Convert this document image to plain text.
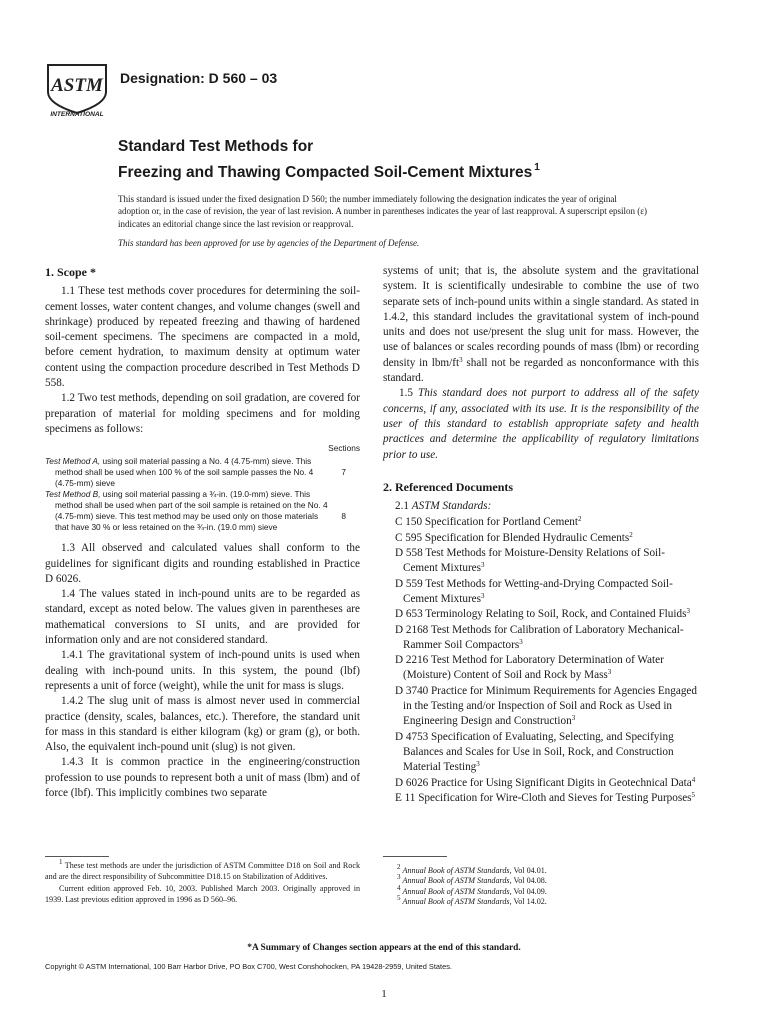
ASTM
INTERNATIONAL
Designation: D 560 – 03
Standard Test Methods for
Freezing and Thawing Compacted Soil-Cement Mixtures $^1$

This standard is issued under the fixed designation D 560; the number immediately following the designation indicates the year of original adoption or, in the case of revision, the year of last revision. A number in parentheses indicates the year of last reapproval. A superscript epsilon (ε) indicates an editorial change since the last revision or reapproval.

This standard has been approved for use by agencies of the Department of Defense.

1. Scope *

1.1 These test methods cover procedures for determining the soil-cement losses, water content changes, and volume changes (swell and shrinkage) produced by repeated freezing and thawing of hardened soil-cement specimens. The specimens are compacted in a mold, before cement hydration, to maximum density at optimum water content using the compaction procedure described in Test Methods D 558.

1.2 Two test methods, depending on soil gradation, are covered for preparation of material for molding specimens and for molding specimens as follows:

Sections

Test Method A, using soil material passing a No. 4 (4.75-mm) sieve. This method shall be used when 100 % of the soil sample passes the No. 4 (4.75-mm) sieve
7
Test Method B, using soil material passing a ¾-in. (19.0-mm) sieve. This method shall be used when part of the soil sample is retained on the No. 4 (4.75-mm) sieve. This test method may be used only on those materials that have 30 % or less retained on the ¾-in. (19.0 mm) sieve
8

1.3 All observed and calculated values shall conform to the guidelines for significant digits and rounding established in Practice D 6026.

1.4 The values stated in inch-pound units are to be regarded as standard, except as noted below. The values given in parentheses are mathematical conversions to SI units, and are provided for information only and are not considered standard.

1.4.1 The gravitational system of inch-pound units is used when dealing with inch-pound units. In this system, the pound (lbf) represents a unit of force (weight), while the unit for mass is slugs.

1.4.2 The slug unit of mass is almost never used in commercial practice (density, scales, balances, etc.). Therefore, the standard unit for mass in this standard is either kilogram (kg) or gram (g), or both. Also, the equivalent inch-pound unit (slug) is not given.

1.4.3 It is common practice in the engineering/construction profession to use pounds to represent both a unit of mass (lbm) and of force (lbf). This implicitly combines two separate

systems of unit; that is, the absolute system and the gravitational system. It is scientifically undesirable to combine the use of two separate sets of inch-pound units within a single standard. As stated in 1.4.2, this standard includes the gravitational system of inch-pound units and does not use/present the slug unit for mass. However, the use of balances or scales recording pounds of mass (lbm) or recording density in lbm/ft$^3$ shall not be regarded as nonconformance with this standard.

1.5 This standard does not purport to address all of the safety concerns, if any, associated with its use. It is the responsibility of the user of this standard to establish appropriate safety and health practices and determine the applicability of regulatory limitations prior to use.

2. Referenced Documents

2.1 ASTM Standards:

C 150 Specification for Portland Cement$^2$

C 595 Specification for Blended Hydraulic Cements$^2$

D 558 Test Methods for Moisture-Density Relations of Soil-Cement Mixtures$^3$

D 559 Test Methods for Wetting-and-Drying Compacted Soil-Cement Mixtures$^3$

D 653 Terminology Relating to Soil, Rock, and Contained Fluids$^3$

D 2168 Test Methods for Calibration of Laboratory Mechanical-Rammer Soil Compactors$^3$

D 2216 Test Method for Laboratory Determination of Water (Moisture) Content of Soil and Rock by Mass$^3$

D 3740 Practice for Minimum Requirements for Agencies Engaged in the Testing and/or Inspection of Soil and Rock as Used in Engineering Design and Construction$^3$

D 4753 Specification of Evaluating, Selecting, and Specifying Balances and Scales for Use in Soil, Rock, and Construction Material Testing$^3$

D 6026 Practice for Using Significant Digits in Geotechnical Data$^4$

E 11 Specification for Wire-Cloth and Sieves for Testing Purposes$^5$

$^1$ These test methods are under the jurisdiction of ASTM Committee D18 on Soil and Rock and are the direct responsibility of Subcommittee D18.15 on Stabilization of Additives.

Current edition approved Feb. 10, 2003. Published March 2003. Originally approved in 1939. Last previous edition approved in 1996 as D 560–96.

$^2$ Annual Book of ASTM Standards, Vol 04.01.

$^3$ Annual Book of ASTM Standards, Vol 04.08.

$^4$ Annual Book of ASTM Standards, Vol 04.09.

$^5$ Annual Book of ASTM Standards, Vol 14.02.

*A Summary of Changes section appears at the end of this standard.
Copyright © ASTM International, 100 Barr Harbor Drive, PO Box C700, West Conshohocken, PA 19428-2959, United States.
1
